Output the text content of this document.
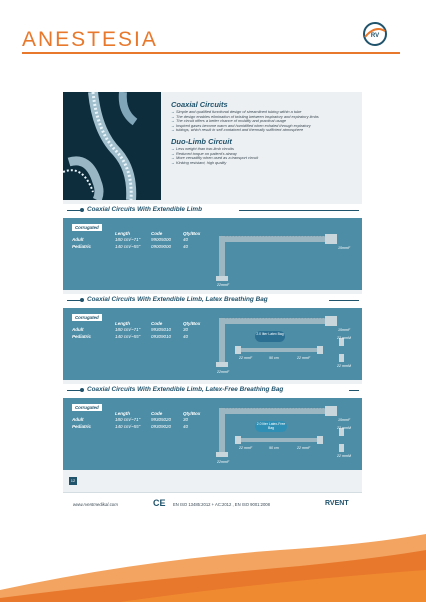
ANESTESIA	RV
Coaxial Circuits
→ Simple and qualified functional design of streamlined tubing within a tube
→ The design enables elimination of twisting between inspiratory and expiratory limbs
→ The circuit offers a better chance of mobility and practical usage
→ Inspired gases become warm and humidified when exhaled through expiratory
→ tubings, which result in self-contained and thermally sufficient atmosphere
Duo-Limb Circuit
→ Less weight than two-limb circuits
→ Reduced torque on patient's airway
→ More versatility when used as a transport circuit
→ Kinking resistant, high quality
Coaxial Circuits With Extendible Limb
Corrugated
Length	Code	Qty/Box
Adult	180 cm/~71" 99005000	40
Pediatric	140 cm/~55" 09009000	40	15mmF
22mmF
Coaxial Circuits With Extendible Limb, Latex Breathing Bag
Corrugated
Length	Code	Qty/Box
Adult	180 cm/~71" 99305010	30
Pediatric	140 cm/~55" 09309010	40	2.0 liter Latex Bag
15mmF
22 mmF	90 cm	22 mmF
22 mmM
22 mmM
22mmF
Coaxial Circuits With Extendible Limb, Latex-Free Breathing Bag
Corrugated
Length	Code	Qty/Box
Adult	180 cm/~71" 99305020	30
Pediatric	140 cm/~55" 09309020	40	2.0 liter Latex-Free Bag
15mmF
22 mmF	90 cm	22 mmF
22 mmM
22 mmM
22mmF
12
www.rventmedikal.com	CE EN ISO 13485:2012 + AC:2012 , EN ISO 9001:2008	RVENT
